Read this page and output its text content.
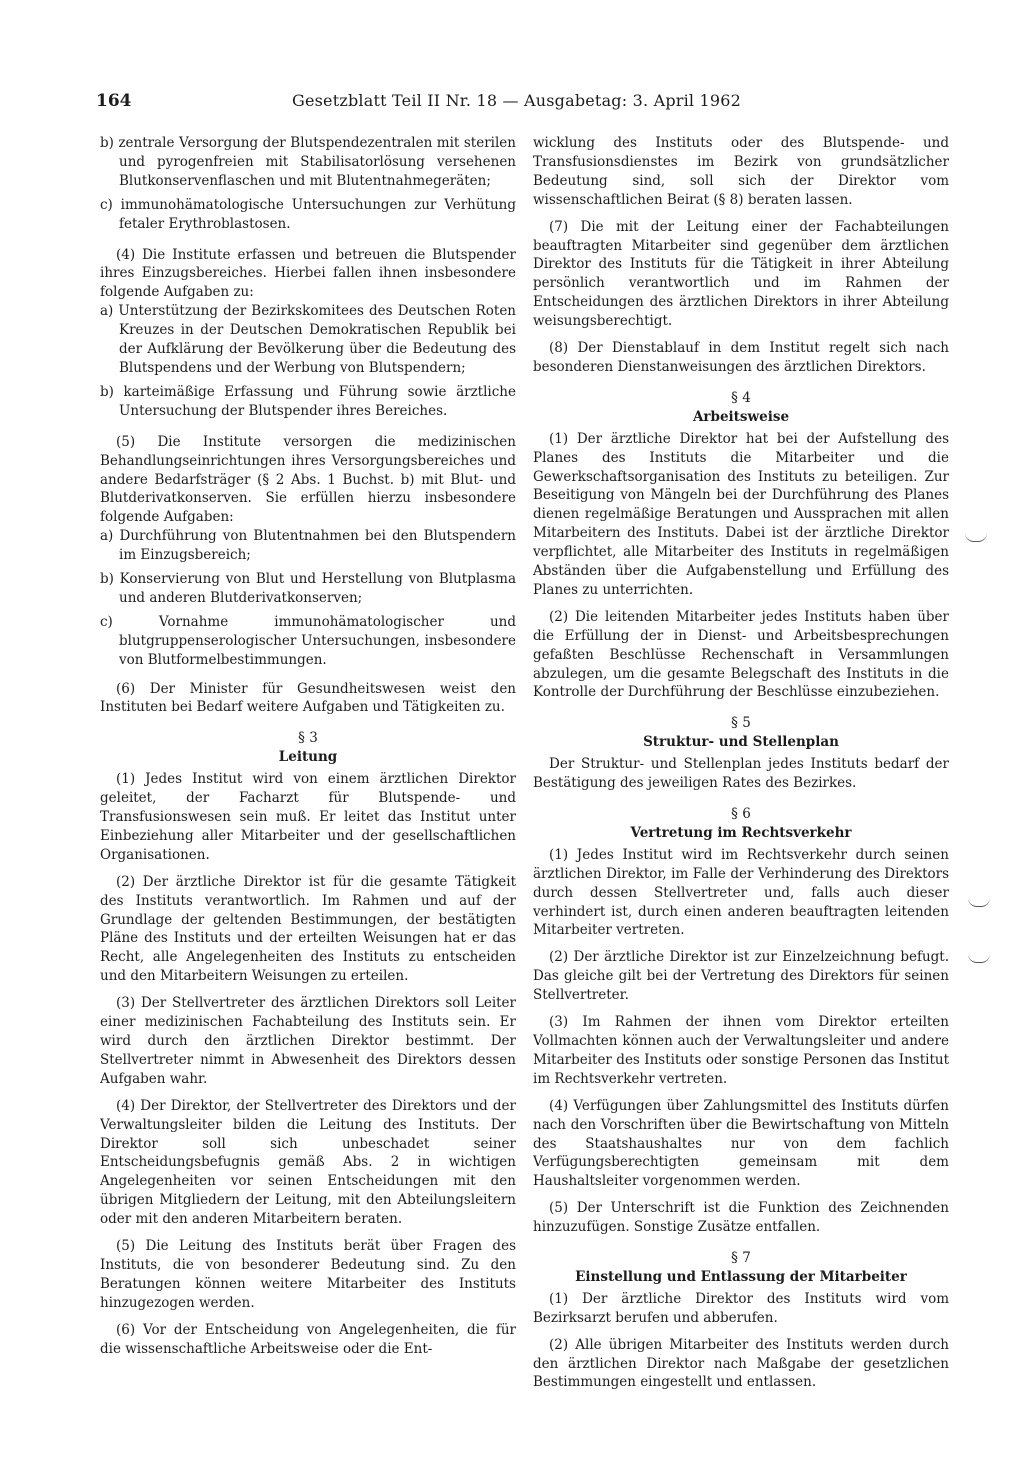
164	Gesetzblatt Teil II Nr. 18 — Ausgabetag: 3. April 1962

b) zentrale Versorgung der Blutspendezentralen mit sterilen und pyrogenfreien mit Stabilisatorlösung versehenen Blutkonservenflaschen und mit Blutentnahmegeräten;

c) immunohämatologische Untersuchungen zur Verhütung fetaler Erythroblastosen.

(4) Die Institute erfassen und betreuen die Blutspender ihres Einzugsbereiches. Hierbei fallen ihnen insbesondere folgende Aufgaben zu:

a) Unterstützung der Bezirkskomitees des Deutschen Roten Kreuzes in der Deutschen Demokratischen Republik bei der Aufklärung der Bevölkerung über die Bedeutung des Blutspendens und der Werbung von Blutspendern;

b) karteimäßige Erfassung und Führung sowie ärztliche Untersuchung der Blutspender ihres Bereiches.

(5) Die Institute versorgen die medizinischen Behandlungseinrichtungen ihres Versorgungsbereiches und andere Bedarfsträger (§ 2 Abs. 1 Buchst. b) mit Blut- und Blutderivatkonserven. Sie erfüllen hierzu insbesondere folgende Aufgaben:

a) Durchführung von Blutentnahmen bei den Blutspendern im Einzugsbereich;

b) Konservierung von Blut und Herstellung von Blutplasma und anderen Blutderivatkonserven;

c) Vornahme immunohämatologischer und blutgruppenserologischer Untersuchungen, insbesondere von Blutformelbestimmungen.

(6) Der Minister für Gesundheitswesen weist den Instituten bei Bedarf weitere Aufgaben und Tätigkeiten zu.

§ 3
Leitung

(1) Jedes Institut wird von einem ärztlichen Direktor geleitet, der Facharzt für Blutspende- und Transfusionswesen sein muß. Er leitet das Institut unter Einbeziehung aller Mitarbeiter und der gesellschaftlichen Organisationen.

(2) Der ärztliche Direktor ist für die gesamte Tätigkeit des Instituts verantwortlich. Im Rahmen und auf der Grundlage der geltenden Bestimmungen, der bestätigten Pläne des Instituts und der erteilten Weisungen hat er das Recht, alle Angelegenheiten des Instituts zu entscheiden und den Mitarbeitern Weisungen zu erteilen.

(3) Der Stellvertreter des ärztlichen Direktors soll Leiter einer medizinischen Fachabteilung des Instituts sein. Er wird durch den ärztlichen Direktor bestimmt. Der Stellvertreter nimmt in Abwesenheit des Direktors dessen Aufgaben wahr.

(4) Der Direktor, der Stellvertreter des Direktors und der Verwaltungsleiter bilden die Leitung des Instituts. Der Direktor soll sich unbeschadet seiner Entscheidungsbefugnis gemäß Abs. 2 in wichtigen Angelegenheiten vor seinen Entscheidungen mit den übrigen Mitgliedern der Leitung, mit den Abteilungsleitern oder mit den anderen Mitarbeitern beraten.

(5) Die Leitung des Instituts berät über Fragen des Instituts, die von besonderer Bedeutung sind. Zu den Beratungen können weitere Mitarbeiter des Instituts hinzugezogen werden.

(6) Vor der Entscheidung von Angelegenheiten, die für die wissenschaftliche Arbeitsweise oder die Ent-

wicklung des Instituts oder des Blutspende- und Transfusionsdienstes im Bezirk von grundsätzlicher Bedeutung sind, soll sich der Direktor vom wissenschaftlichen Beirat (§ 8) beraten lassen.

(7) Die mit der Leitung einer der Fachabteilungen beauftragten Mitarbeiter sind gegenüber dem ärztlichen Direktor des Instituts für die Tätigkeit in ihrer Abteilung persönlich verantwortlich und im Rahmen der Entscheidungen des ärztlichen Direktors in ihrer Abteilung weisungsberechtigt.

(8) Der Dienstablauf in dem Institut regelt sich nach besonderen Dienstanweisungen des ärztlichen Direktors.

§ 4
Arbeitsweise

(1) Der ärztliche Direktor hat bei der Aufstellung des Planes des Instituts die Mitarbeiter und die Gewerkschaftsorganisation des Instituts zu beteiligen. Zur Beseitigung von Mängeln bei der Durchführung des Planes dienen regelmäßige Beratungen und Aussprachen mit allen Mitarbeitern des Instituts. Dabei ist der ärztliche Direktor verpflichtet, alle Mitarbeiter des Instituts in regelmäßigen Abständen über die Aufgabenstellung und Erfüllung des Planes zu unterrichten.

(2) Die leitenden Mitarbeiter jedes Instituts haben über die Erfüllung der in Dienst- und Arbeitsbesprechungen gefaßten Beschlüsse Rechenschaft in Versammlungen abzulegen, um die gesamte Belegschaft des Instituts in die Kontrolle der Durchführung der Beschlüsse einzubeziehen.

§ 5
Struktur- und Stellenplan

Der Struktur- und Stellenplan jedes Instituts bedarf der Bestätigung des jeweiligen Rates des Bezirkes.

§ 6
Vertretung im Rechtsverkehr

(1) Jedes Institut wird im Rechtsverkehr durch seinen ärztlichen Direktor, im Falle der Verhinderung des Direktors durch dessen Stellvertreter und, falls auch dieser verhindert ist, durch einen anderen beauftragten leitenden Mitarbeiter vertreten.

(2) Der ärztliche Direktor ist zur Einzelzeichnung befugt. Das gleiche gilt bei der Vertretung des Direktors für seinen Stellvertreter.

(3) Im Rahmen der ihnen vom Direktor erteilten Vollmachten können auch der Verwaltungsleiter und andere Mitarbeiter des Instituts oder sonstige Personen das Institut im Rechtsverkehr vertreten.

(4) Verfügungen über Zahlungsmittel des Instituts dürfen nach den Vorschriften über die Bewirtschaftung von Mitteln des Staatshaushaltes nur von dem fachlich Verfügungsberechtigten gemeinsam mit dem Haushaltsleiter vorgenommen werden.

(5) Der Unterschrift ist die Funktion des Zeichnenden hinzuzufügen. Sonstige Zusätze entfallen.

§ 7
Einstellung und Entlassung der Mitarbeiter

(1) Der ärztliche Direktor des Instituts wird vom Bezirksarzt berufen und abberufen.

(2) Alle übrigen Mitarbeiter des Instituts werden durch den ärztlichen Direktor nach Maßgabe der gesetzlichen Bestimmungen eingestellt und entlassen.
